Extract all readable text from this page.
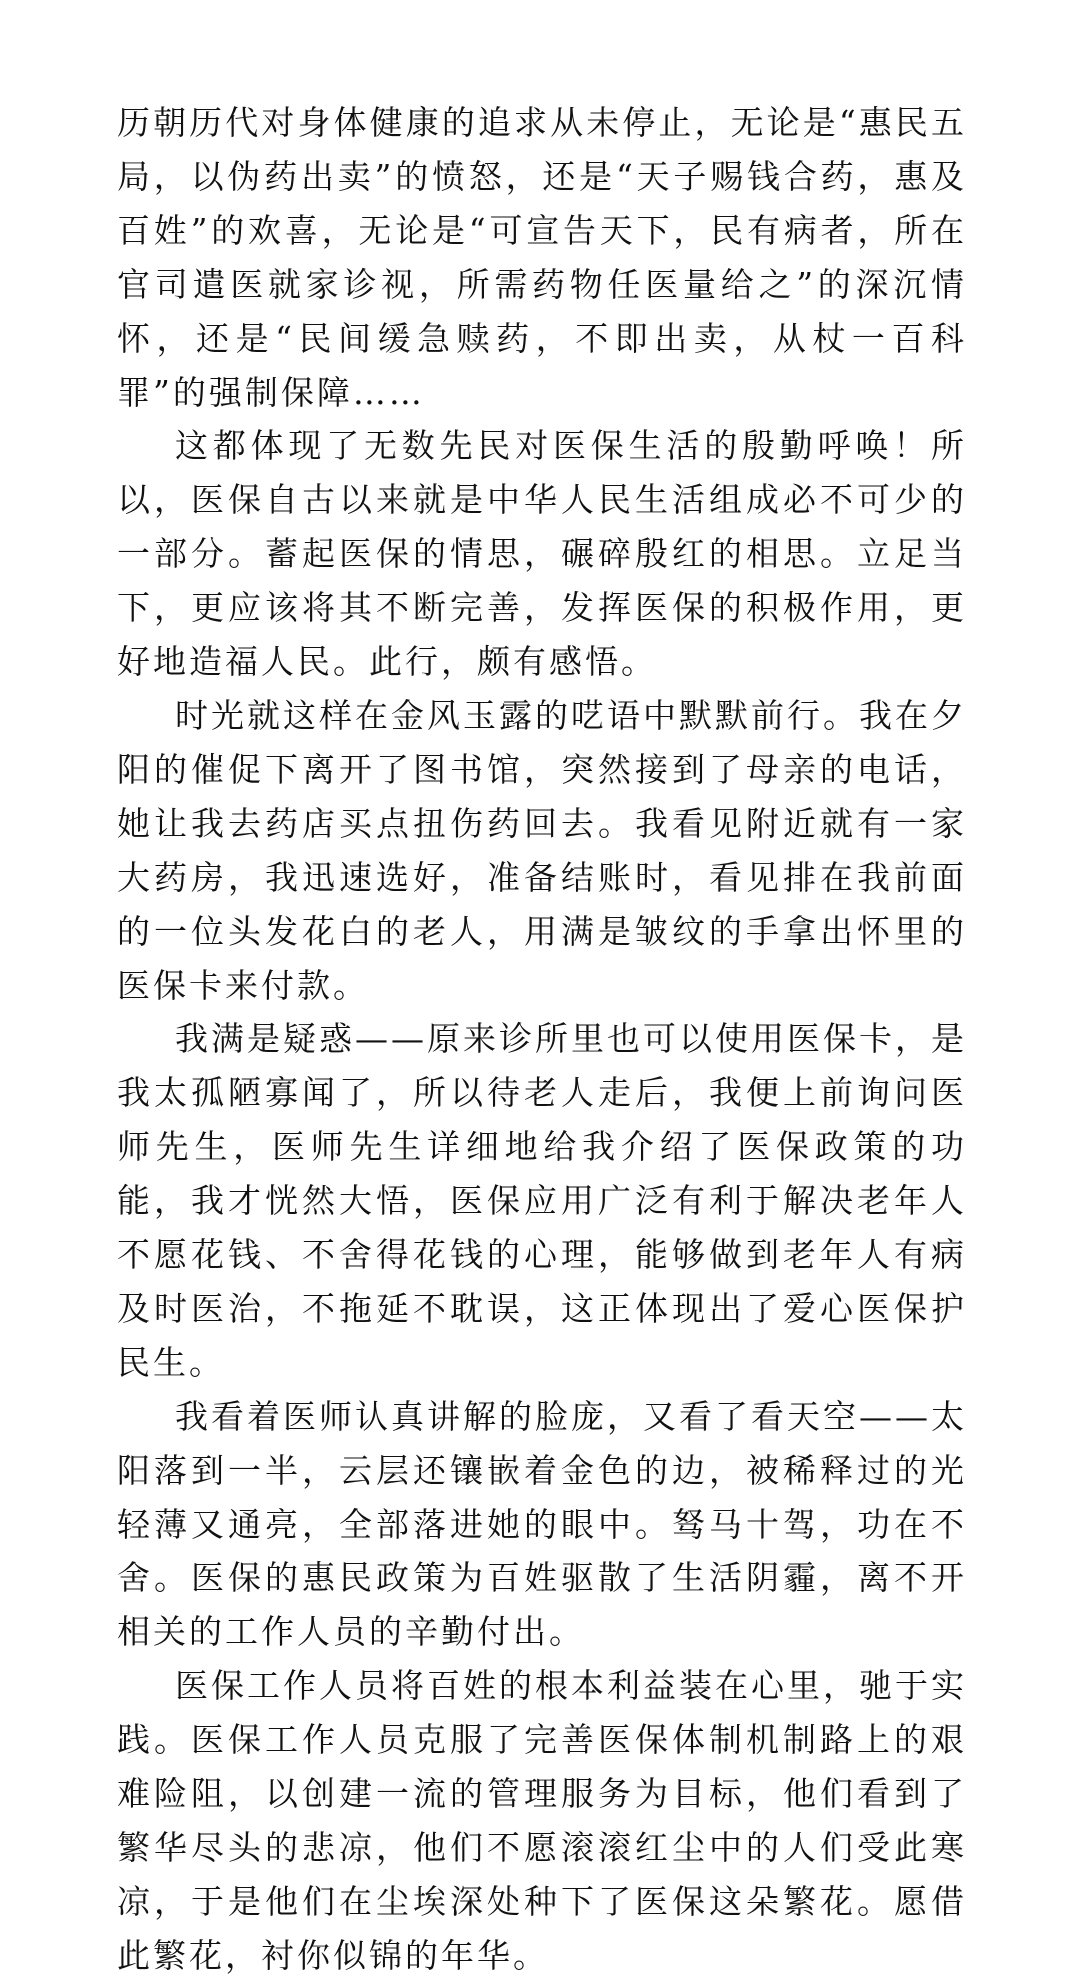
历朝历代对身体健康的追求从未停止，无论是“惠民五局，以伪药出卖”的愤怒，还是“天子赐钱合药，惠及百姓”的欢喜，无论是“可宣告天下，民有病者，所在官司遣医就家诊视，所需药物任医量给之”的深沉情怀，还是“民间缓急赎药，不即出卖，从杖一百科罪”的强制保障……

这都体现了无数先民对医保生活的殷勤呼唤！所以，医保自古以来就是中华人民生活组成必不可少的一部分。蓄起医保的情思，碾碎殷红的相思。立足当下，更应该将其不断完善，发挥医保的积极作用，更好地造福人民。此行，颇有感悟。

时光就这样在金风玉露的呓语中默默前行。我在夕阳的催促下离开了图书馆，突然接到了母亲的电话，她让我去药店买点扭伤药回去。我看见附近就有一家大药房，我迅速选好，准备结账时，看见排在我前面的一位头发花白的老人，用满是皱纹的手拿出怀里的医保卡来付款。

我满是疑惑——原来诊所里也可以使用医保卡，是我太孤陋寡闻了，所以待老人走后，我便上前询问医师先生，医师先生详细地给我介绍了医保政策的功能，我才恍然大悟，医保应用广泛有利于解决老年人不愿花钱、不舍得花钱的心理，能够做到老年人有病及时医治，不拖延不耽误，这正体现出了爱心医保护民生。

我看着医师认真讲解的脸庞，又看了看天空——太阳落到一半，云层还镶嵌着金色的边，被稀释过的光轻薄又通亮，全部落进她的眼中。驽马十驾，功在不舍。医保的惠民政策为百姓驱散了生活阴霾，离不开相关的工作人员的辛勤付出。

医保工作人员将百姓的根本利益装在心里，驰于实践。医保工作人员克服了完善医保体制机制路上的艰难险阻，以创建一流的管理服务为目标，他们看到了繁华尽头的悲凉，他们不愿滚滚红尘中的人们受此寒凉，于是他们在尘埃深处种下了医保这朵繁花。愿借此繁花，衬你似锦的年华。
